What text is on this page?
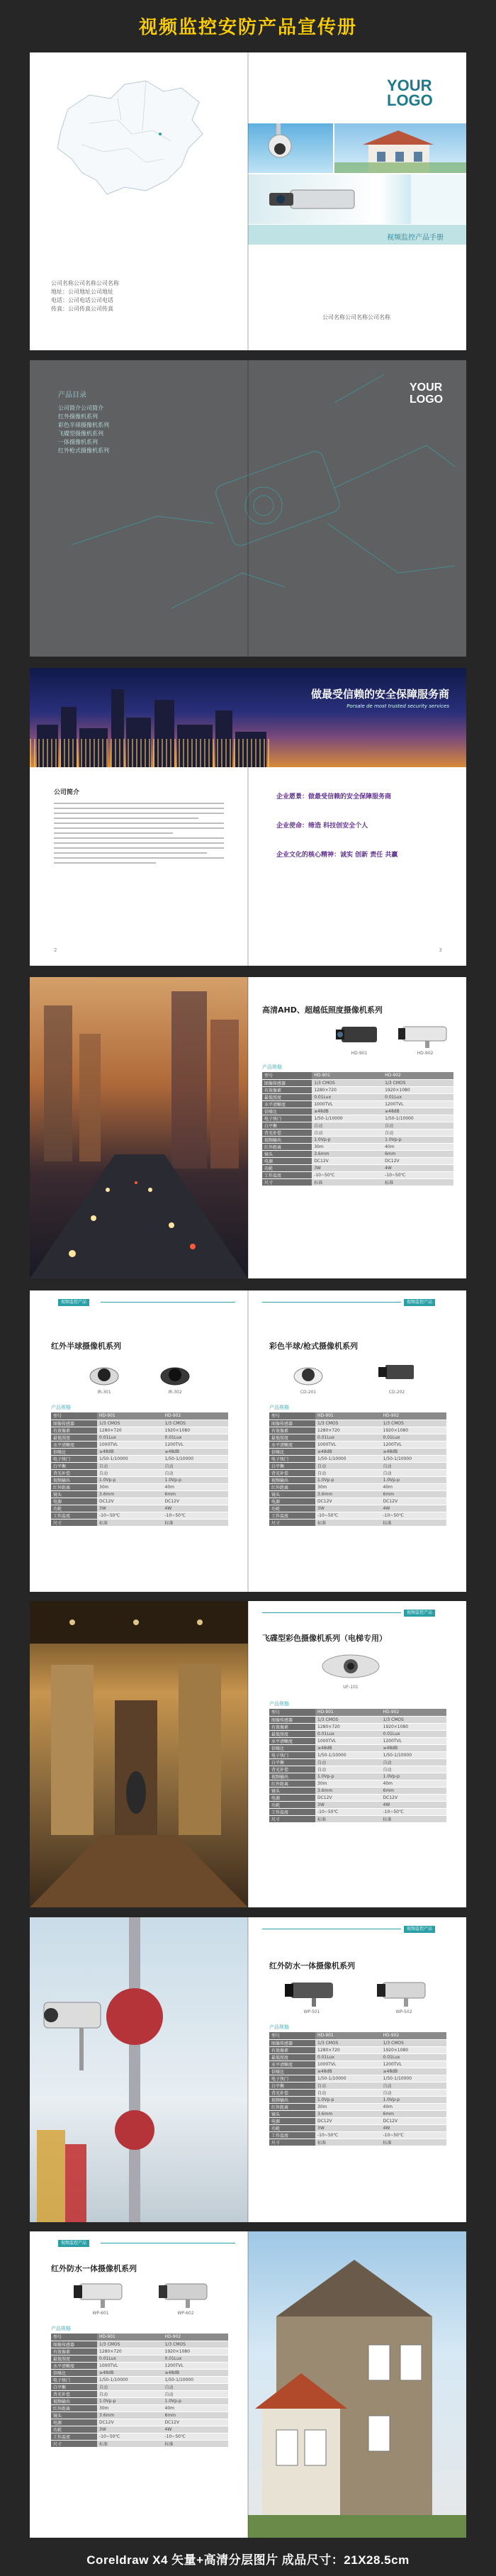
视频监控安防产品宣传册
公司名称公司名称公司名称
地址：公司地址公司地址
电话：公司电话公司电话
传真：公司传真公司传真
YOUR
LOGO
视频监控产品手册
公司名称公司名称公司名称
产品目录
公司简介公司简介
红外摄像机系列
彩色半球摄像机系列
飞碟型摄像机系列
一体摄像机系列
红外枪式摄像机系列
YOUR
LOGO
做最受信赖的安全保障服务商
Porsale de most trusted security services
公司简介
2
企业愿景：做最受信赖的安全保障服务商
企业使命：缔造 科技创安全个人
企业文化的核心精神：诚实 创新 责任 共赢
3
高清AHD、超越低照度摄像机系列
HD-901	HD-902
产品规格
型号	HD-901	HD-902
图像传感器	1/3 CMOS	1/3 CMOS
有效像素	1280×720	1920×1080
最低照度	0.01Lux	0.01Lux
水平清晰度	1000TVL	1200TVL
信噪比	≥48dB	≥48dB
电子快门	1/50-1/10000	1/50-1/10000
白平衡	自动	自动
背光补偿	自动	自动
视频输出	1.0Vp-p	1.0Vp-p
红外距离	30m	40m
镜头	3.6mm	6mm
电源	DC12V	DC12V
功耗	3W	4W
工作温度	-10~50℃	-10~50℃
尺寸	标准	标准
视频监控产品
红外半球摄像机系列
IR-301	IR-302
产品规格
型号	HD-901	HD-902
图像传感器	1/3 CMOS	1/3 CMOS
有效像素	1280×720	1920×1080
最低照度	0.01Lux	0.01Lux
水平清晰度	1000TVL	1200TVL
信噪比	≥48dB	≥48dB
电子快门	1/50-1/10000	1/50-1/10000
白平衡	自动	自动
背光补偿	自动	自动
视频输出	1.0Vp-p	1.0Vp-p
红外距离	30m	40m
镜头	3.6mm	6mm
电源	DC12V	DC12V
功耗	3W	4W
工作温度	-10~50℃	-10~50℃
尺寸	标准	标准
视频监控产品
彩色半球/枪式摄像机系列
CD-201	CD-202
产品规格
型号	HD-901	HD-902
图像传感器	1/3 CMOS	1/3 CMOS
有效像素	1280×720	1920×1080
最低照度	0.01Lux	0.01Lux
水平清晰度	1000TVL	1200TVL
信噪比	≥48dB	≥48dB
电子快门	1/50-1/10000	1/50-1/10000
白平衡	自动	自动
背光补偿	自动	自动
视频输出	1.0Vp-p	1.0Vp-p
红外距离	30m	40m
镜头	3.6mm	6mm
电源	DC12V	DC12V
功耗	3W	4W
工作温度	-10~50℃	-10~50℃
尺寸	标准	标准
视频监控产品
飞碟型彩色摄像机系列（电梯专用）
UF-101
产品规格
型号	HD-901	HD-902
图像传感器	1/3 CMOS	1/3 CMOS
有效像素	1280×720	1920×1080
最低照度	0.01Lux	0.01Lux
水平清晰度	1000TVL	1200TVL
信噪比	≥48dB	≥48dB
电子快门	1/50-1/10000	1/50-1/10000
白平衡	自动	自动
背光补偿	自动	自动
视频输出	1.0Vp-p	1.0Vp-p
红外距离	30m	40m
镜头	3.6mm	6mm
电源	DC12V	DC12V
功耗	3W	4W
工作温度	-10~50℃	-10~50℃
尺寸	标准	标准
视频监控产品
红外防水一体摄像机系列
WP-501	WP-502
产品规格
型号	HD-901	HD-902
图像传感器	1/3 CMOS	1/3 CMOS
有效像素	1280×720	1920×1080
最低照度	0.01Lux	0.01Lux
水平清晰度	1000TVL	1200TVL
信噪比	≥48dB	≥48dB
电子快门	1/50-1/10000	1/50-1/10000
白平衡	自动	自动
背光补偿	自动	自动
视频输出	1.0Vp-p	1.0Vp-p
红外距离	30m	40m
镜头	3.6mm	6mm
电源	DC12V	DC12V
功耗	3W	4W
工作温度	-10~50℃	-10~50℃
尺寸	标准	标准
视频监控产品
红外防水一体摄像机系列
WP-601	WP-602
产品规格
型号	HD-901	HD-902
图像传感器	1/3 CMOS	1/3 CMOS
有效像素	1280×720	1920×1080
最低照度	0.01Lux	0.01Lux
水平清晰度	1000TVL	1200TVL
信噪比	≥48dB	≥48dB
电子快门	1/50-1/10000	1/50-1/10000
白平衡	自动	自动
背光补偿	自动	自动
视频输出	1.0Vp-p	1.0Vp-p
红外距离	30m	40m
镜头	3.6mm	6mm
电源	DC12V	DC12V
功耗	3W	4W
工作温度	-10~50℃	-10~50℃
尺寸	标准	标准
Coreldraw X4 矢量+高清分层图片 成品尺寸：21X28.5cm
